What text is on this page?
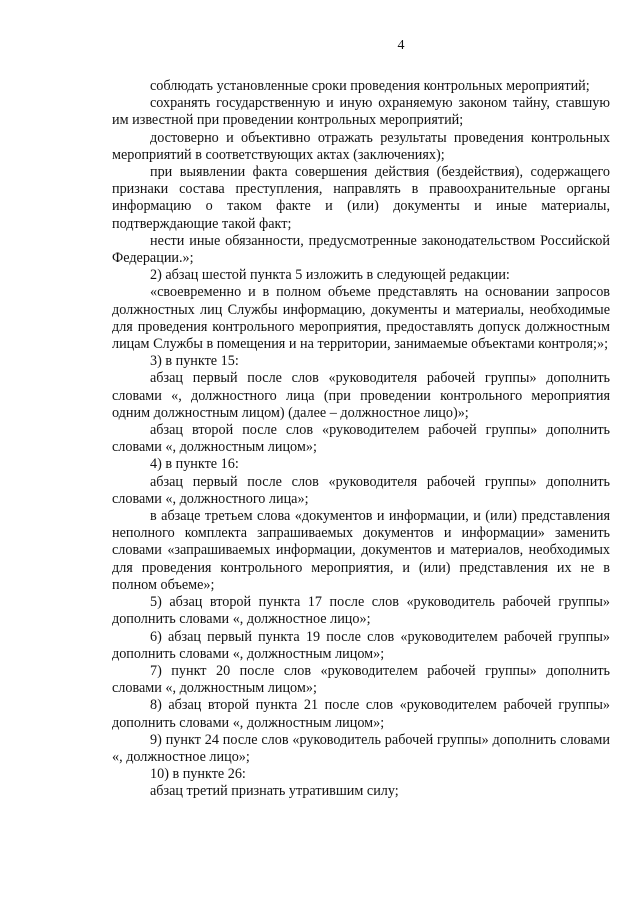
4

соблюдать установленные сроки проведения контрольных мероприятий;

сохранять государственную и иную охраняемую законом тайну, ставшую им известной при проведении контрольных мероприятий;

достоверно и объективно отражать результаты проведения контрольных мероприятий в соответствующих актах (заключениях);

при выявлении факта совершения действия (бездействия), содержащего признаки состава преступления, направлять в правоохранительные органы информацию о таком факте и (или) документы и иные материалы, подтверждающие такой факт;

нести иные обязанности, предусмотренные законодательством Российской Федерации.»;

2) абзац шестой пункта 5 изложить в следующей редакции:

«своевременно и в полном объеме представлять на основании запросов должностных лиц Службы информацию, документы и материалы, необходимые для проведения контрольного мероприятия, предоставлять допуск должностным лицам Службы в помещения и на территории, занимаемые объектами контроля;»;

3) в пункте 15:

абзац первый после слов «руководителя рабочей группы» дополнить словами «, должностного лица (при проведении контрольного мероприятия одним должностным лицом) (далее – должностное лицо)»;

абзац второй после слов «руководителем рабочей группы» дополнить словами «, должностным лицом»;

4) в пункте 16:

абзац первый после слов «руководителя рабочей группы» дополнить словами «, должностного лица»;

в абзаце третьем слова «документов и информации, и (или) представления неполного комплекта запрашиваемых документов и информации» заменить словами «запрашиваемых информации, документов и материалов, необходимых для проведения контрольного мероприятия, и (или) представления их не в полном объеме»;

5) абзац второй пункта 17 после слов «руководитель рабочей группы» дополнить словами «, должностное лицо»;

6) абзац первый пункта 19 после слов «руководителем рабочей группы» дополнить словами «, должностным лицом»;

7) пункт 20 после слов «руководителем рабочей группы» дополнить словами «, должностным лицом»;

8) абзац второй пункта 21 после слов «руководителем рабочей группы» дополнить словами «, должностным лицом»;

9) пункт 24 после слов «руководитель рабочей группы» дополнить словами «, должностное лицо»;

10) в пункте 26:

абзац третий признать утратившим силу;
